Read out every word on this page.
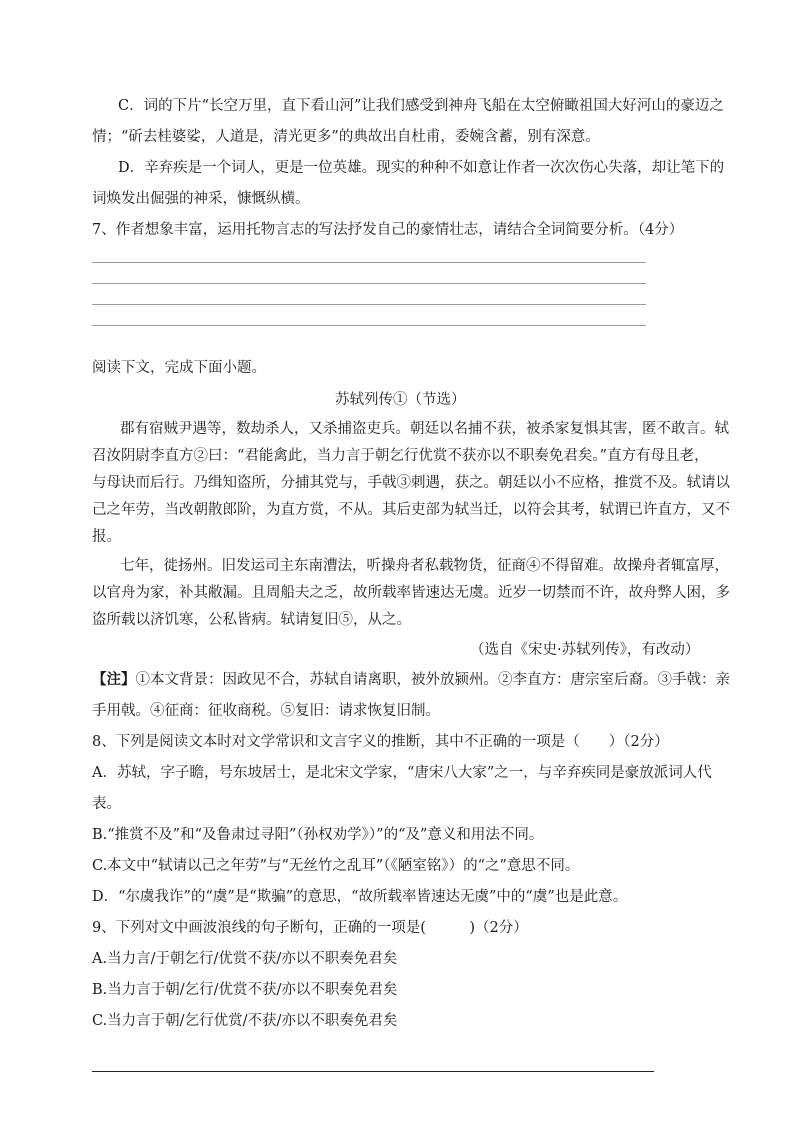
C．词的下片“长空万里，直下看山河”让我们感受到神舟飞船在太空俯瞰祖国大好河山的豪迈之
情；“斫去桂婆娑，人道是，清光更多”的典故出自杜甫，委婉含蓄，别有深意。
D．辛弃疾是一个词人，更是一位英雄。现实的种种不如意让作者一次次伤心失落，却让笔下的
词焕发出倔强的神采，慷慨纵横。
7、作者想象丰富，运用托物言志的写法抒发自己的豪情壮志，请结合全词简要分析。（4分）
阅读下文，完成下面小题。
苏轼列传①（节选）
郡有宿贼尹遇等，数劫杀人，又杀捕盗吏兵。朝廷以名捕不获，被杀家复惧其害，匿不敢言。轼
召汝阴尉李直方②曰：“君能禽此，当力言于朝乞行优赏不获亦以不职奏免君矣。”直方有母且老，
与母诀而后行。乃缉知盗所，分捕其党与，手戟③刺遇，获之。朝廷以小不应格，推赏不及。轼请以
己之年劳，当改朝散郎阶，为直方赏，不从。其后吏部为轼当迁，以符会其考，轼谓已许直方，又不
报。
七年，徙扬州。旧发运司主东南漕法，听操舟者私载物货，征商④不得留难。故操舟者辄富厚，
以官舟为家，补其敝漏。且周船夫之乏，故所载率皆速达无虞。近岁一切禁而不许，故舟弊人困，多
盗所载以济饥寒，公私皆病。轼请复旧⑤，从之。
（选自《宋史·苏轼列传》，有改动）
【注】①本文背景：因政见不合，苏轼自请离职，被外放颍州。②李直方：唐宗室后裔。③手戟：亲
手用戟。④征商：征收商税。⑤复旧：请求恢复旧制。
8、下列是阅读文本时对文学常识和文言字义的推断，其中不正确的一项是（　　）（2分）
A．苏轼，字子瞻，号东坡居士，是北宋文学家，“唐宋八大家”之一，与辛弃疾同是豪放派词人代
表。
B.“推赏不及”和“及鲁肃过寻阳”（孙权劝学》）”的“及”意义和用法不同。
C.本文中“轼请以己之年劳”与“无丝竹之乱耳”（《陋室铭》）的“之”意思不同。
D．“尔虞我诈”的“虞”是“欺骗”的意思，“故所载率皆速达无虞”中的“虞”也是此意。
9、下列对文中画波浪线的句子断句，正确的一项是(　　　)（2分）
A.当力言/于朝乞行/优赏不获/亦以不职奏免君矣
B.当力言于朝/乞行/优赏不获/亦以不职奏免君矣
C.当力言于朝/乞行优赏/不获/亦以不职奏免君矣
